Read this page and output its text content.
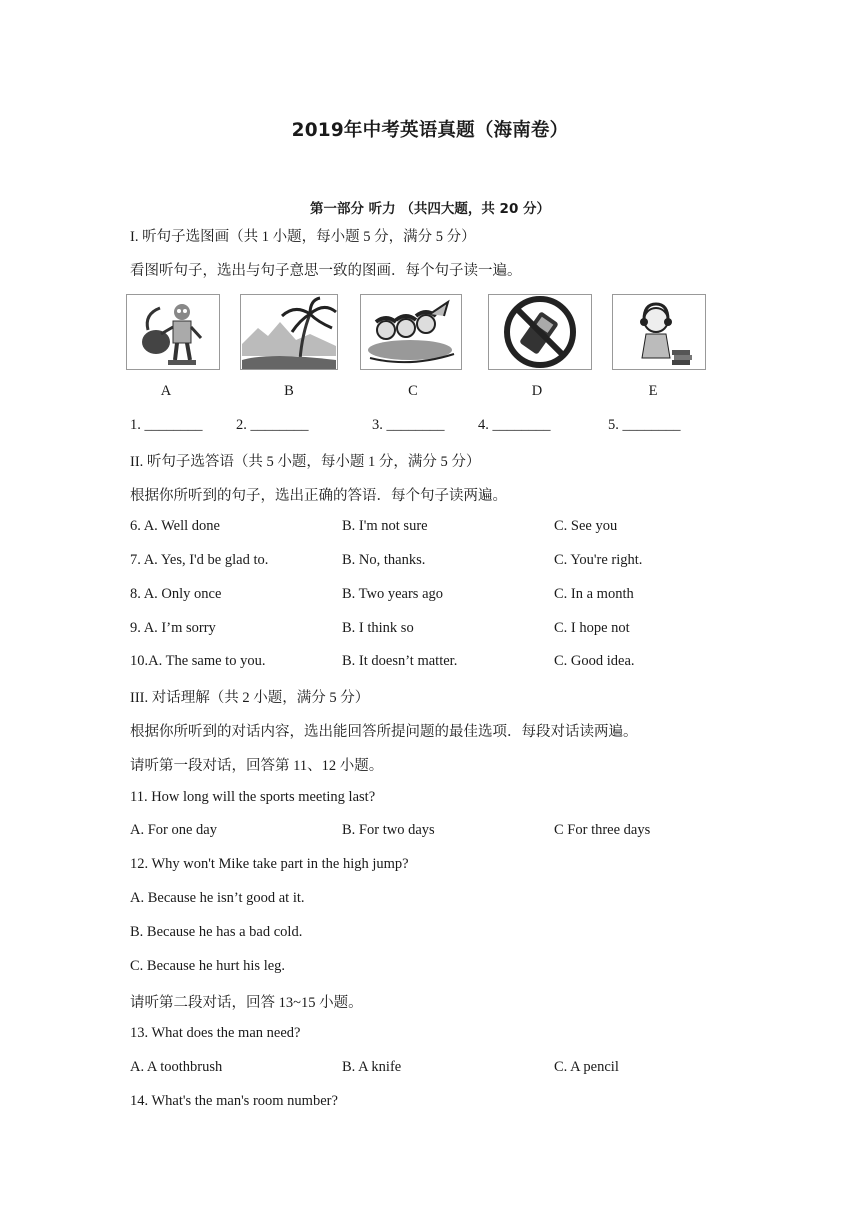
2019年中考英语真题（海南卷）
第一部分 听力 （共四大题，共 20 分）
I. 听句子选图画（共 1 小题，每小题 5 分，满分 5 分）
看图听句子，选出与句子意思一致的图画．每个句子读一遍。
A	B	C	D	E
1. ________ 2. ________	3. ________ 4. ________	5. ________
II. 听句子选答语（共 5 小题，每小题 1 分，满分 5 分）
根据你所听到的句子，选出正确的答语．每个句子读两遍。
6. A. Well done	B. I'm not sure	C. See you
7. A. Yes, I'd be glad to.	B. No, thanks.	C. You're right.
8. A. Only once	B. Two years ago	C. In a month
9. A. I’m sorry	B. I think so	C. I hope not
10.A. The same to you.	B. It doesn’t matter.	C. Good idea.
III. 对话理解（共 2 小题，满分 5 分）
根据你所听到的对话内容，选出能回答所提问题的最佳选项．每段对话读两遍。
请听第一段对话，回答第 11、12 小题。
11. How long will the sports meeting last?
A. For one day	B. For two days	C For three days
12. Why won't Mike take part in the high jump?
A. Because he isn’t good at it.
B. Because he has a bad cold.
C. Because he hurt his leg.
请听第二段对话，回答 13~15 小题。
13. What does the man need?
A. A toothbrush	B. A knife	C. A pencil
14. What's the man's room number?
